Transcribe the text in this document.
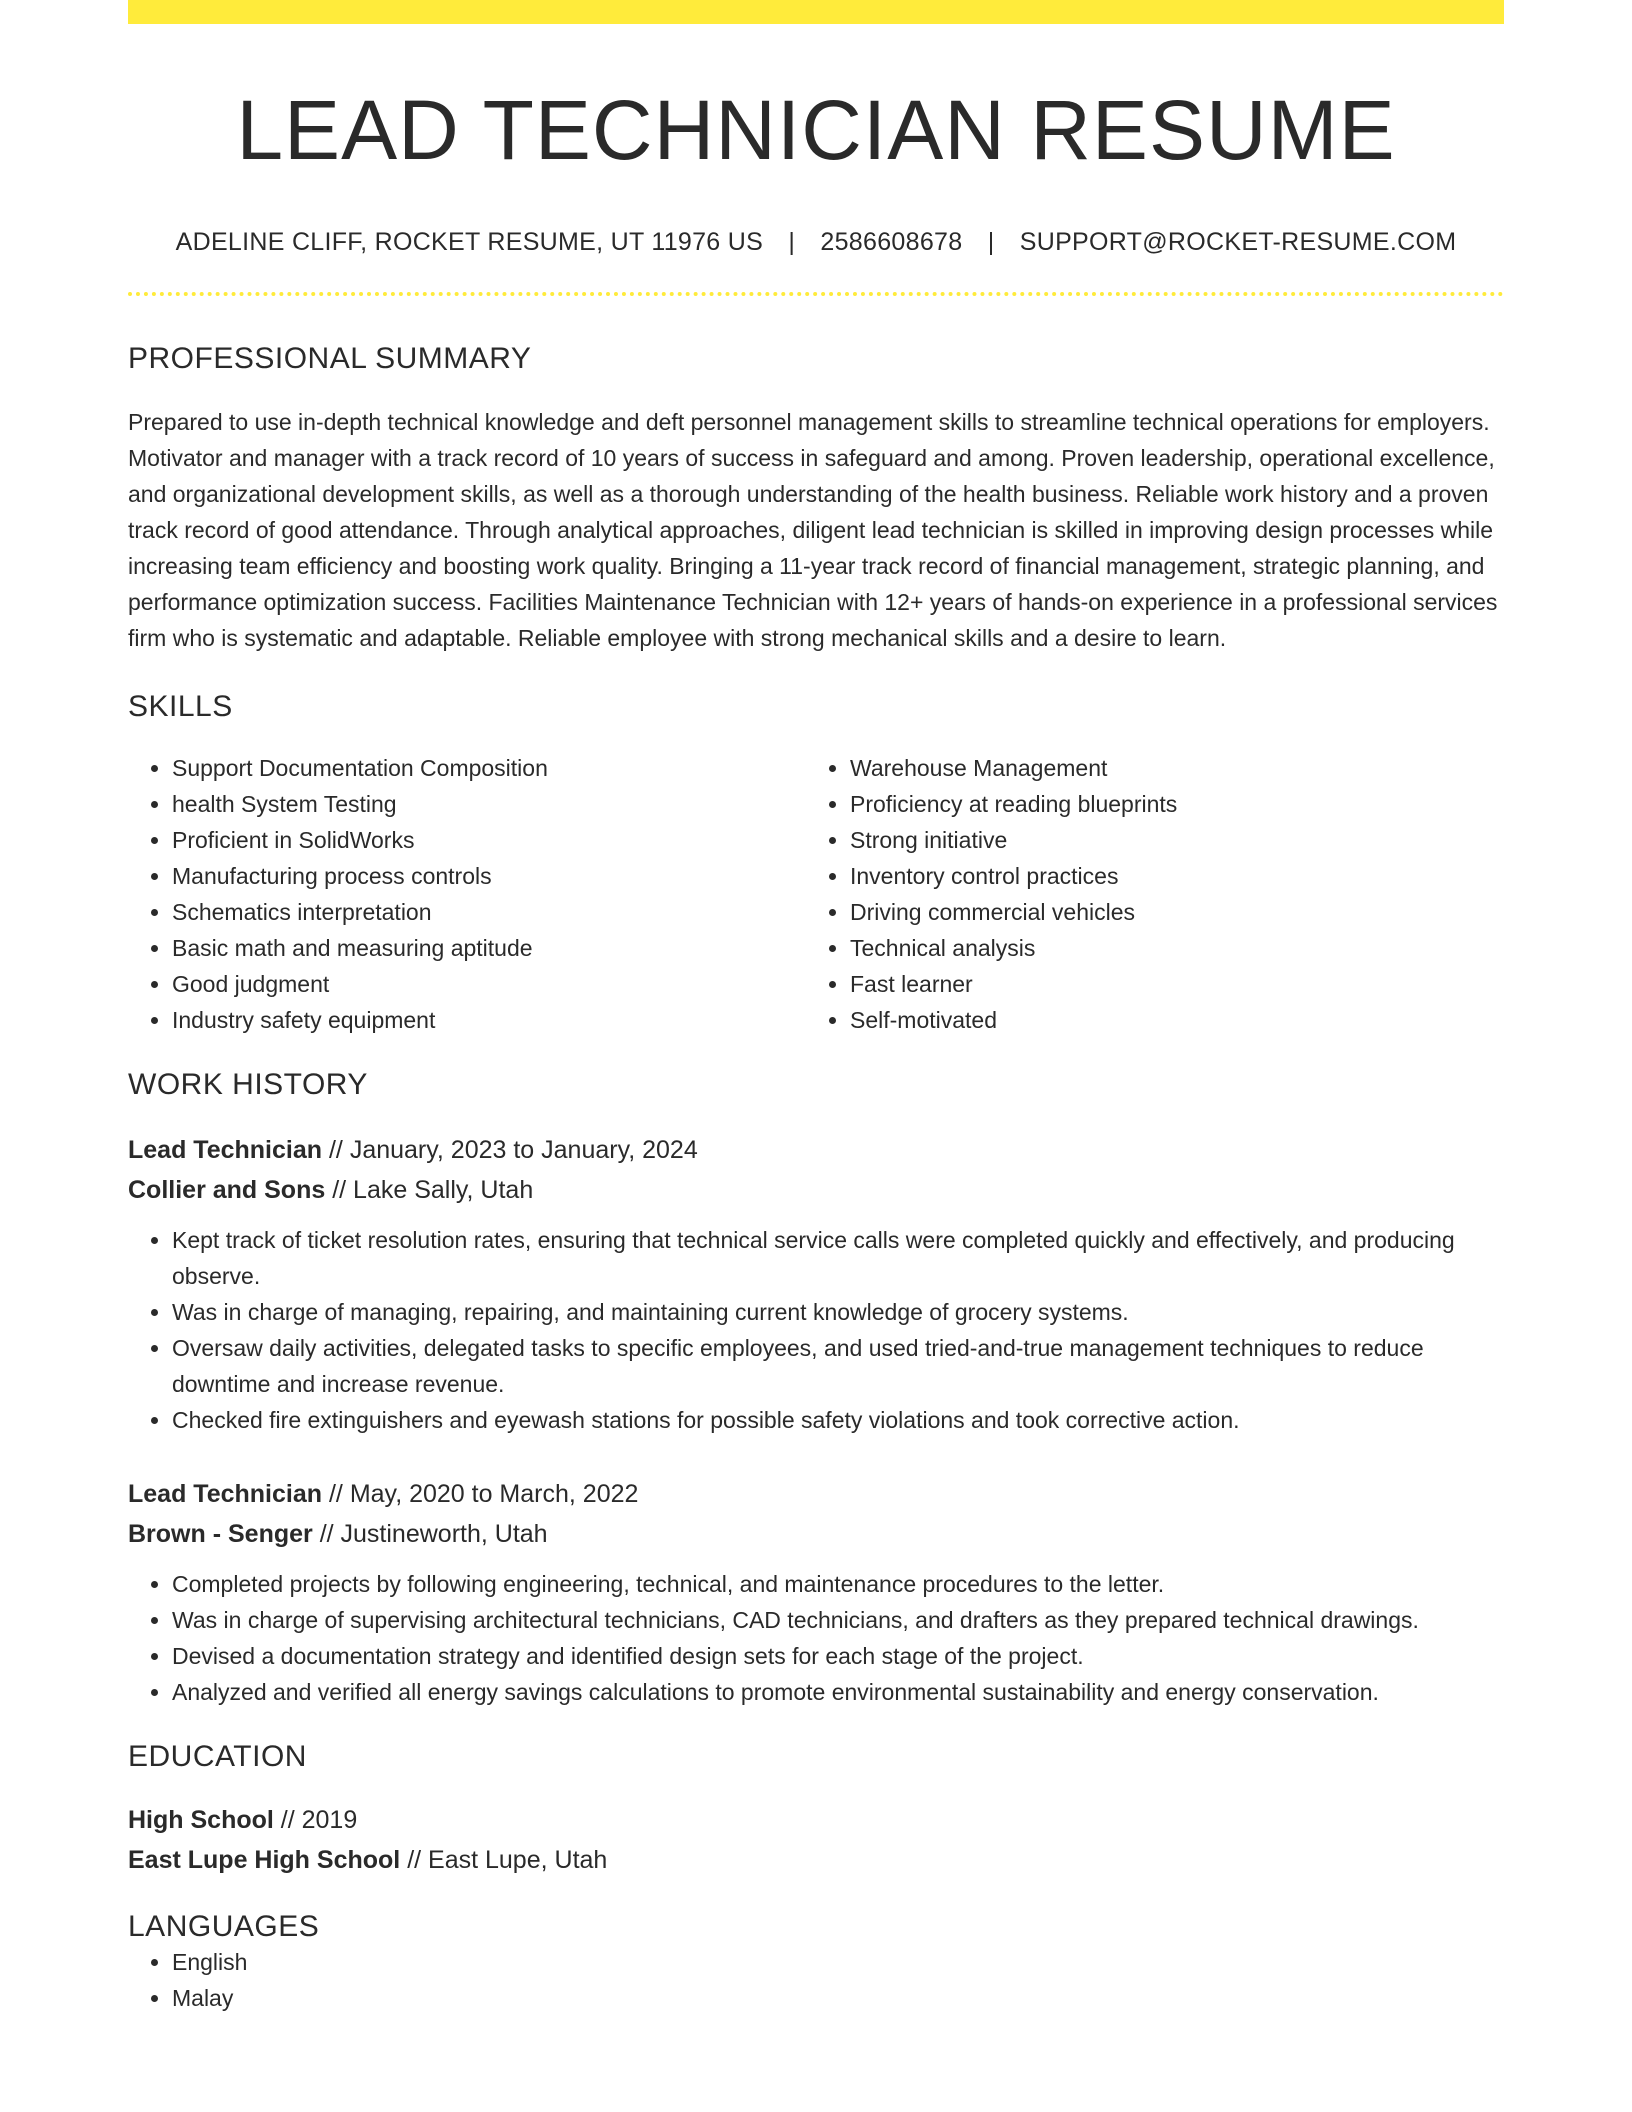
LEAD TECHNICIAN RESUME
ADELINE CLIFF, ROCKET RESUME, UT 11976 US | 2586608678 | SUPPORT@ROCKET-RESUME.COM
PROFESSIONAL SUMMARY

Prepared to use in-depth technical knowledge and deft personnel management skills to streamline technical operations for employers. Motivator and manager with a track record of 10 years of success in safeguard and among. Proven leadership, operational excellence, and organizational development skills, as well as a thorough understanding of the health business. Reliable work history and a proven track record of good attendance. Through analytical approaches, diligent lead technician is skilled in improving design processes while increasing team efficiency and boosting work quality. Bringing a 11-year track record of financial management, strategic planning, and performance optimization success. Facilities Maintenance Technician with 12+ years of hands-on experience in a professional services firm who is systematic and adaptable. Reliable employee with strong mechanical skills and a desire to learn.

SKILLS
• Support Documentation Composition
• health System Testing
• Proficient in SolidWorks
• Manufacturing process controls
• Schematics interpretation
• Basic math and measuring aptitude
• Good judgment
• Industry safety equipment
• Warehouse Management
• Proficiency at reading blueprints
• Strong initiative
• Inventory control practices
• Driving commercial vehicles
• Technical analysis
• Fast learner
• Self-motivated
WORK HISTORY
Lead Technician // January, 2023 to January, 2024
Collier and Sons // Lake Sally, Utah
• Kept track of ticket resolution rates, ensuring that technical service calls were completed quickly and effectively, and producing observe.
• Was in charge of managing, repairing, and maintaining current knowledge of grocery systems.
• Oversaw daily activities, delegated tasks to specific employees, and used tried-and-true management techniques to reduce downtime and increase revenue.
• Checked fire extinguishers and eyewash stations for possible safety violations and took corrective action.
Lead Technician // May, 2020 to March, 2022
Brown - Senger // Justineworth, Utah
• Completed projects by following engineering, technical, and maintenance procedures to the letter.
• Was in charge of supervising architectural technicians, CAD technicians, and drafters as they prepared technical drawings.
• Devised a documentation strategy and identified design sets for each stage of the project.
• Analyzed and verified all energy savings calculations to promote environmental sustainability and energy conservation.
EDUCATION
High School // 2019
East Lupe High School // East Lupe, Utah
LANGUAGES
• English
• Malay
